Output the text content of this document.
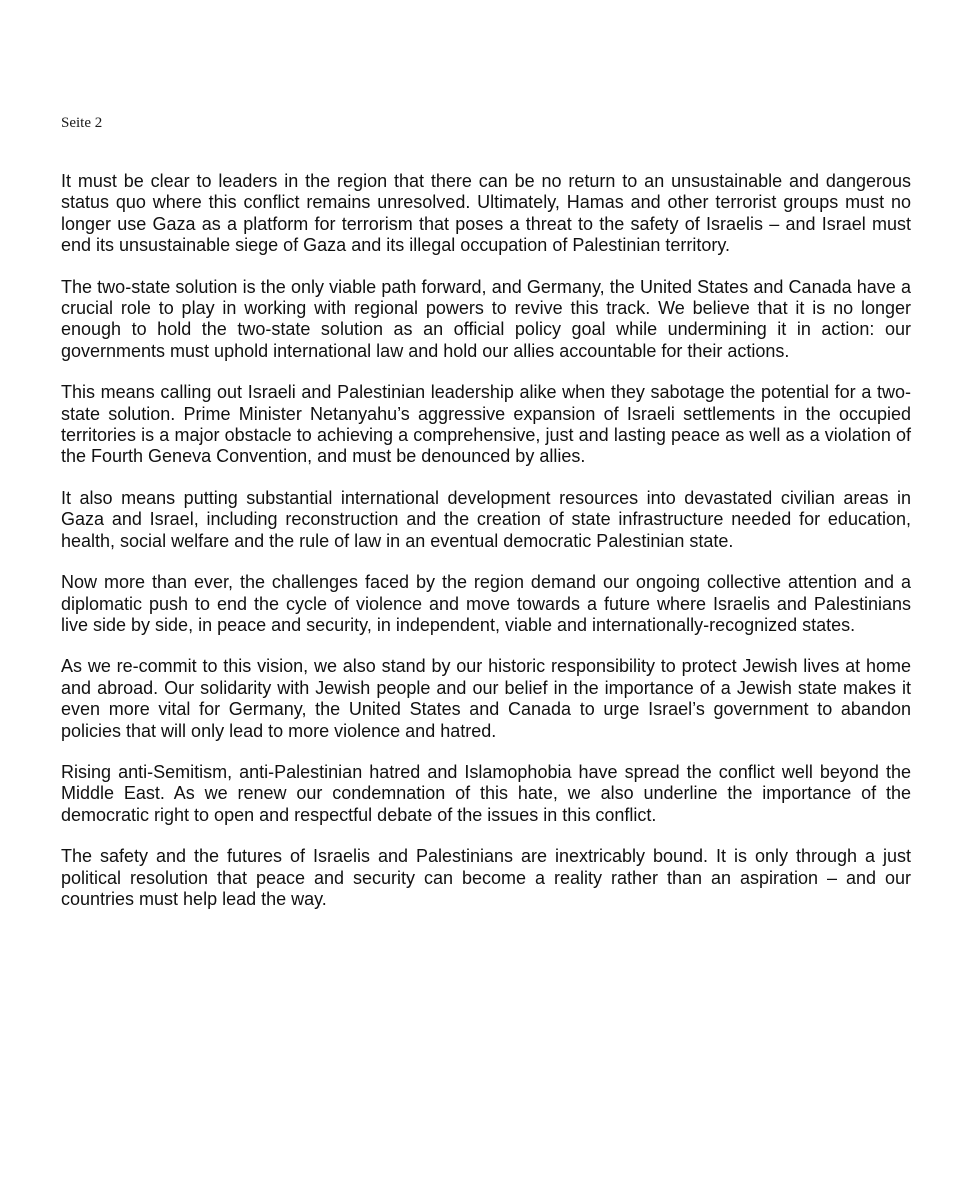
Seite 2

It must be clear to leaders in the region that there can be no return to an unsustainable and dangerous status quo where this conflict remains unresolved. Ultimately, Hamas and other terrorist groups must no longer use Gaza as a platform for terrorism that poses a threat to the safety of Israelis – and Israel must end its unsustainable siege of Gaza and its illegal occupation of Palestinian territory.

The two-state solution is the only viable path forward, and Germany, the United States and Canada have a crucial role to play in working with regional powers to revive this track. We believe that it is no longer enough to hold the two-state solution as an official policy goal while undermining it in action: our governments must uphold international law and hold our allies accountable for their actions.

This means calling out Israeli and Palestinian leadership alike when they sabotage the potential for a two-state solution. Prime Minister Netanyahu’s aggressive expansion of Israeli settlements in the occupied territories is a major obstacle to achieving a comprehensive, just and lasting peace as well as a violation of the Fourth Geneva Convention, and must be denounced by allies.

It also means putting substantial international development resources into devastated civilian areas in Gaza and Israel, including reconstruction and the creation of state infrastructure needed for education, health, social welfare and the rule of law in an eventual democratic Palestinian state.

Now more than ever, the challenges faced by the region demand our ongoing collective attention and a diplomatic push to end the cycle of violence and move towards a future where Israelis and Palestinians live side by side, in peace and security, in independent, viable and internationally-recognized states.

As we re-commit to this vision, we also stand by our historic responsibility to protect Jewish lives at home and abroad. Our solidarity with Jewish people and our belief in the importance of a Jewish state makes it even more vital for Germany, the United States and Canada to urge Israel’s government to abandon policies that will only lead to more violence and hatred.

Rising anti-Semitism, anti-Palestinian hatred and Islamophobia have spread the conflict well beyond the Middle East. As we renew our condemnation of this hate, we also underline the importance of the democratic right to open and respectful debate of the issues in this conflict.

The safety and the futures of Israelis and Palestinians are inextricably bound. It is only through a just political resolution that peace and security can become a reality rather than an aspiration – and our countries must help lead the way.
